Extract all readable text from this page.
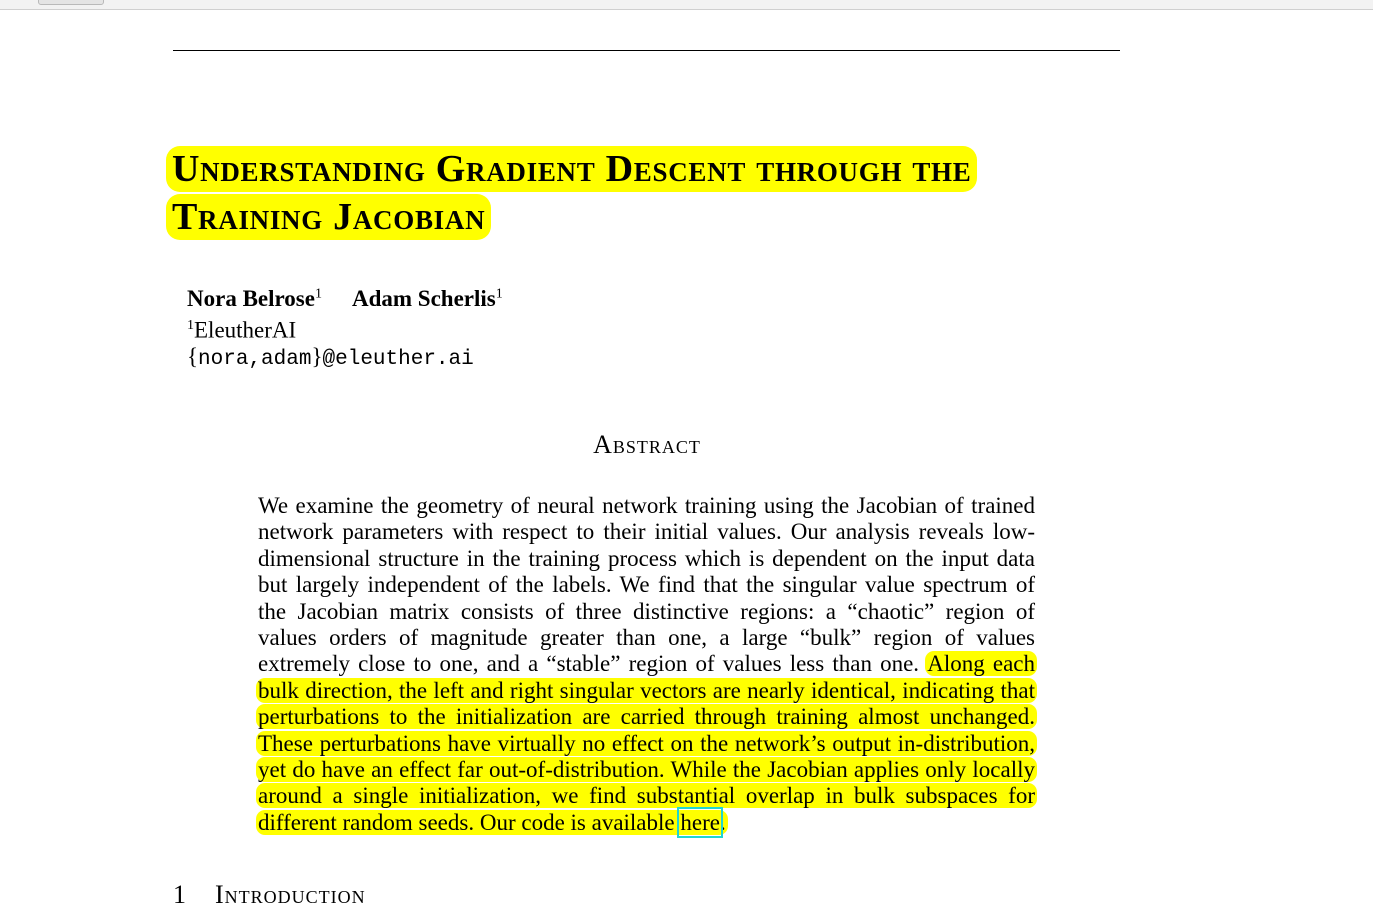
Understanding Gradient Descent through the
Training Jacobian
Nora Belrose$^1$ Adam Scherlis$^1$
$^1$EleutherAI
{nora,adam}@eleuther.ai
Abstract

We examine the geometry of neural network training using the Jacobian of trained network parameters with respect to their initial values. Our analysis reveals low-dimensional structure in the training process which is dependent on the input data but largely independent of the labels. We find that the singular value spectrum of the Jacobian matrix consists of three distinctive regions: a “chaotic” region of values orders of magnitude greater than one, a large “bulk” region of values extremely close to one, and a “stable” region of values less than one. Along each bulk direction, the left and right singular vectors are nearly identical, indicating that perturbations to the initialization are carried through training almost unchanged. These perturbations have virtually no effect on the network’s output in-distribution, yet do have an effect far out-of-distribution. While the Jacobian applies only locally around a single initialization, we find substantial overlap in bulk subspaces for different random seeds. Our code is available here.

1 Introduction
